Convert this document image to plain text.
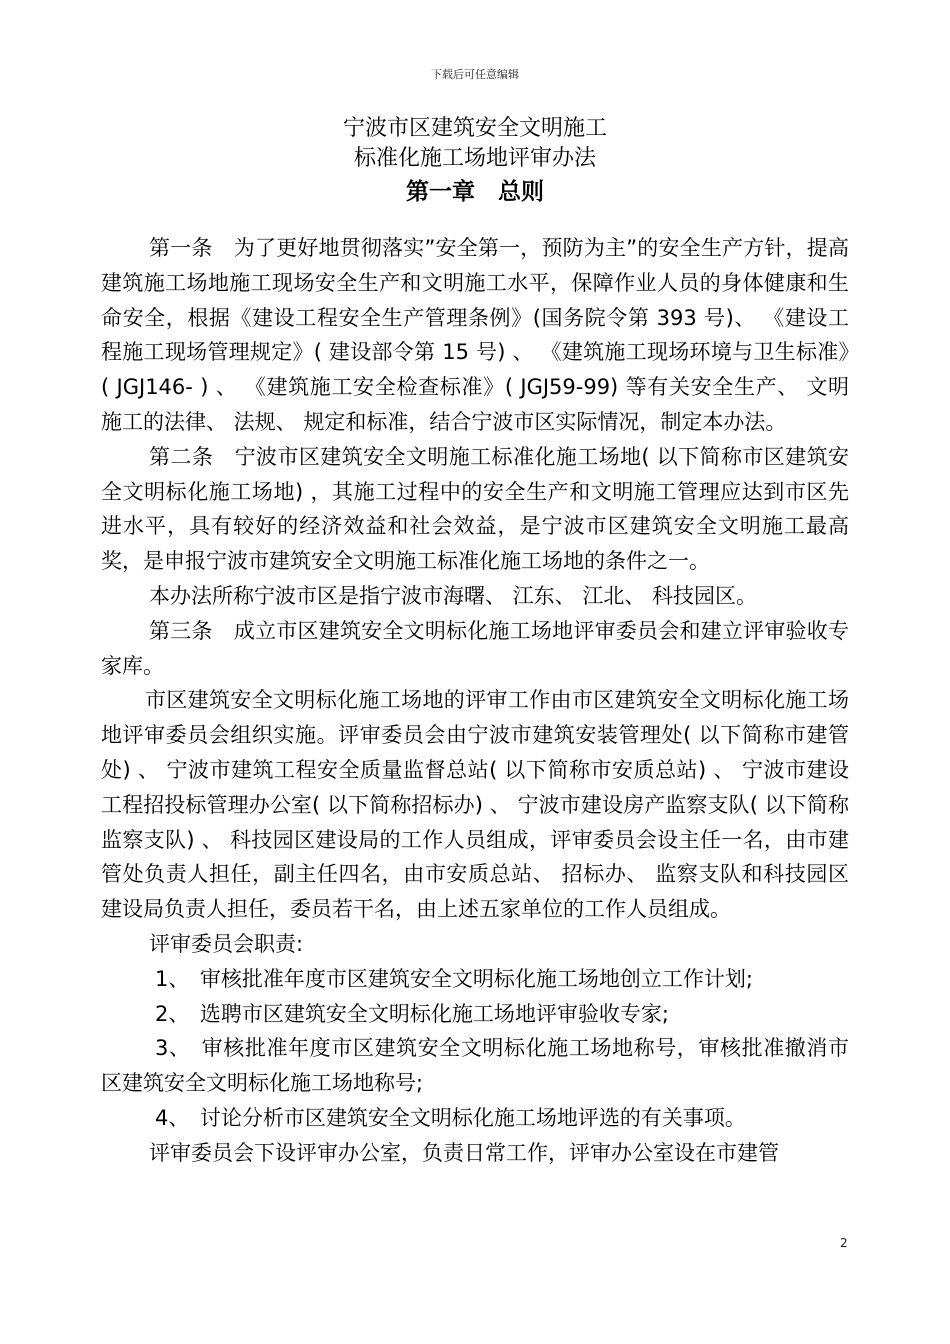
下载后可任意编辑
宁波市区建筑安全文明施工
标准化施工场地评审办法
第一章　总则

第一条　为了更好地贯彻落实”安全第一，预防为主”的安全生产方针，提高建筑施工场地施工现场安全生产和文明施工水平，保障作业人员的身体健康和生命安全，根据《建设工程安全生产管理条例》(国务院令第 393 号)、 《建设工程施工现场管理规定》( 建设部令第 15 号) 、 《建筑施工现场环境与卫生标准》( JGJ146- ) 、 《建筑施工安全检查标准》( JGJ59-99) 等有关安全生产、 文明施工的法律、 法规、 规定和标准，结合宁波市区实际情况，制定本办法。

第二条　宁波市区建筑安全文明施工标准化施工场地( 以下简称市区建筑安全文明标化施工场地) ，其施工过程中的安全生产和文明施工管理应达到市区先进水平，具有较好的经济效益和社会效益，是宁波市区建筑安全文明施工最高奖，是申报宁波市建筑安全文明施工标准化施工场地的条件之一。

本办法所称宁波市区是指宁波市海曙、 江东、 江北、 科技园区。

第三条　成立市区建筑安全文明标化施工场地评审委员会和建立评审验收专家库。

市区建筑安全文明标化施工场地的评审工作由市区建筑安全文明标化施工场地评审委员会组织实施。评审委员会由宁波市建筑安装管理处( 以下简称市建管处) 、 宁波市建筑工程安全质量监督总站( 以下简称市安质总站) 、 宁波市建设工程招投标管理办公室( 以下简称招标办) 、 宁波市建设房产监察支队( 以下简称监察支队) 、 科技园区建设局的工作人员组成，评审委员会设主任一名，由市建管处负责人担任，副主任四名，由市安质总站、 招标办、 监察支队和科技园区建设局负责人担任，委员若干名，由上述五家单位的工作人员组成。

评审委员会职责:

1、　审核批准年度市区建筑安全文明标化施工场地创立工作计划;

2、　选聘市区建筑安全文明标化施工场地评审验收专家;

3、　审核批准年度市区建筑安全文明标化施工场地称号，审核批准撤消市区建筑安全文明标化施工场地称号;

4、　讨论分析市区建筑安全文明标化施工场地评选的有关事项。

评审委员会下设评审办公室，负责日常工作，评审办公室设在市建管

2
